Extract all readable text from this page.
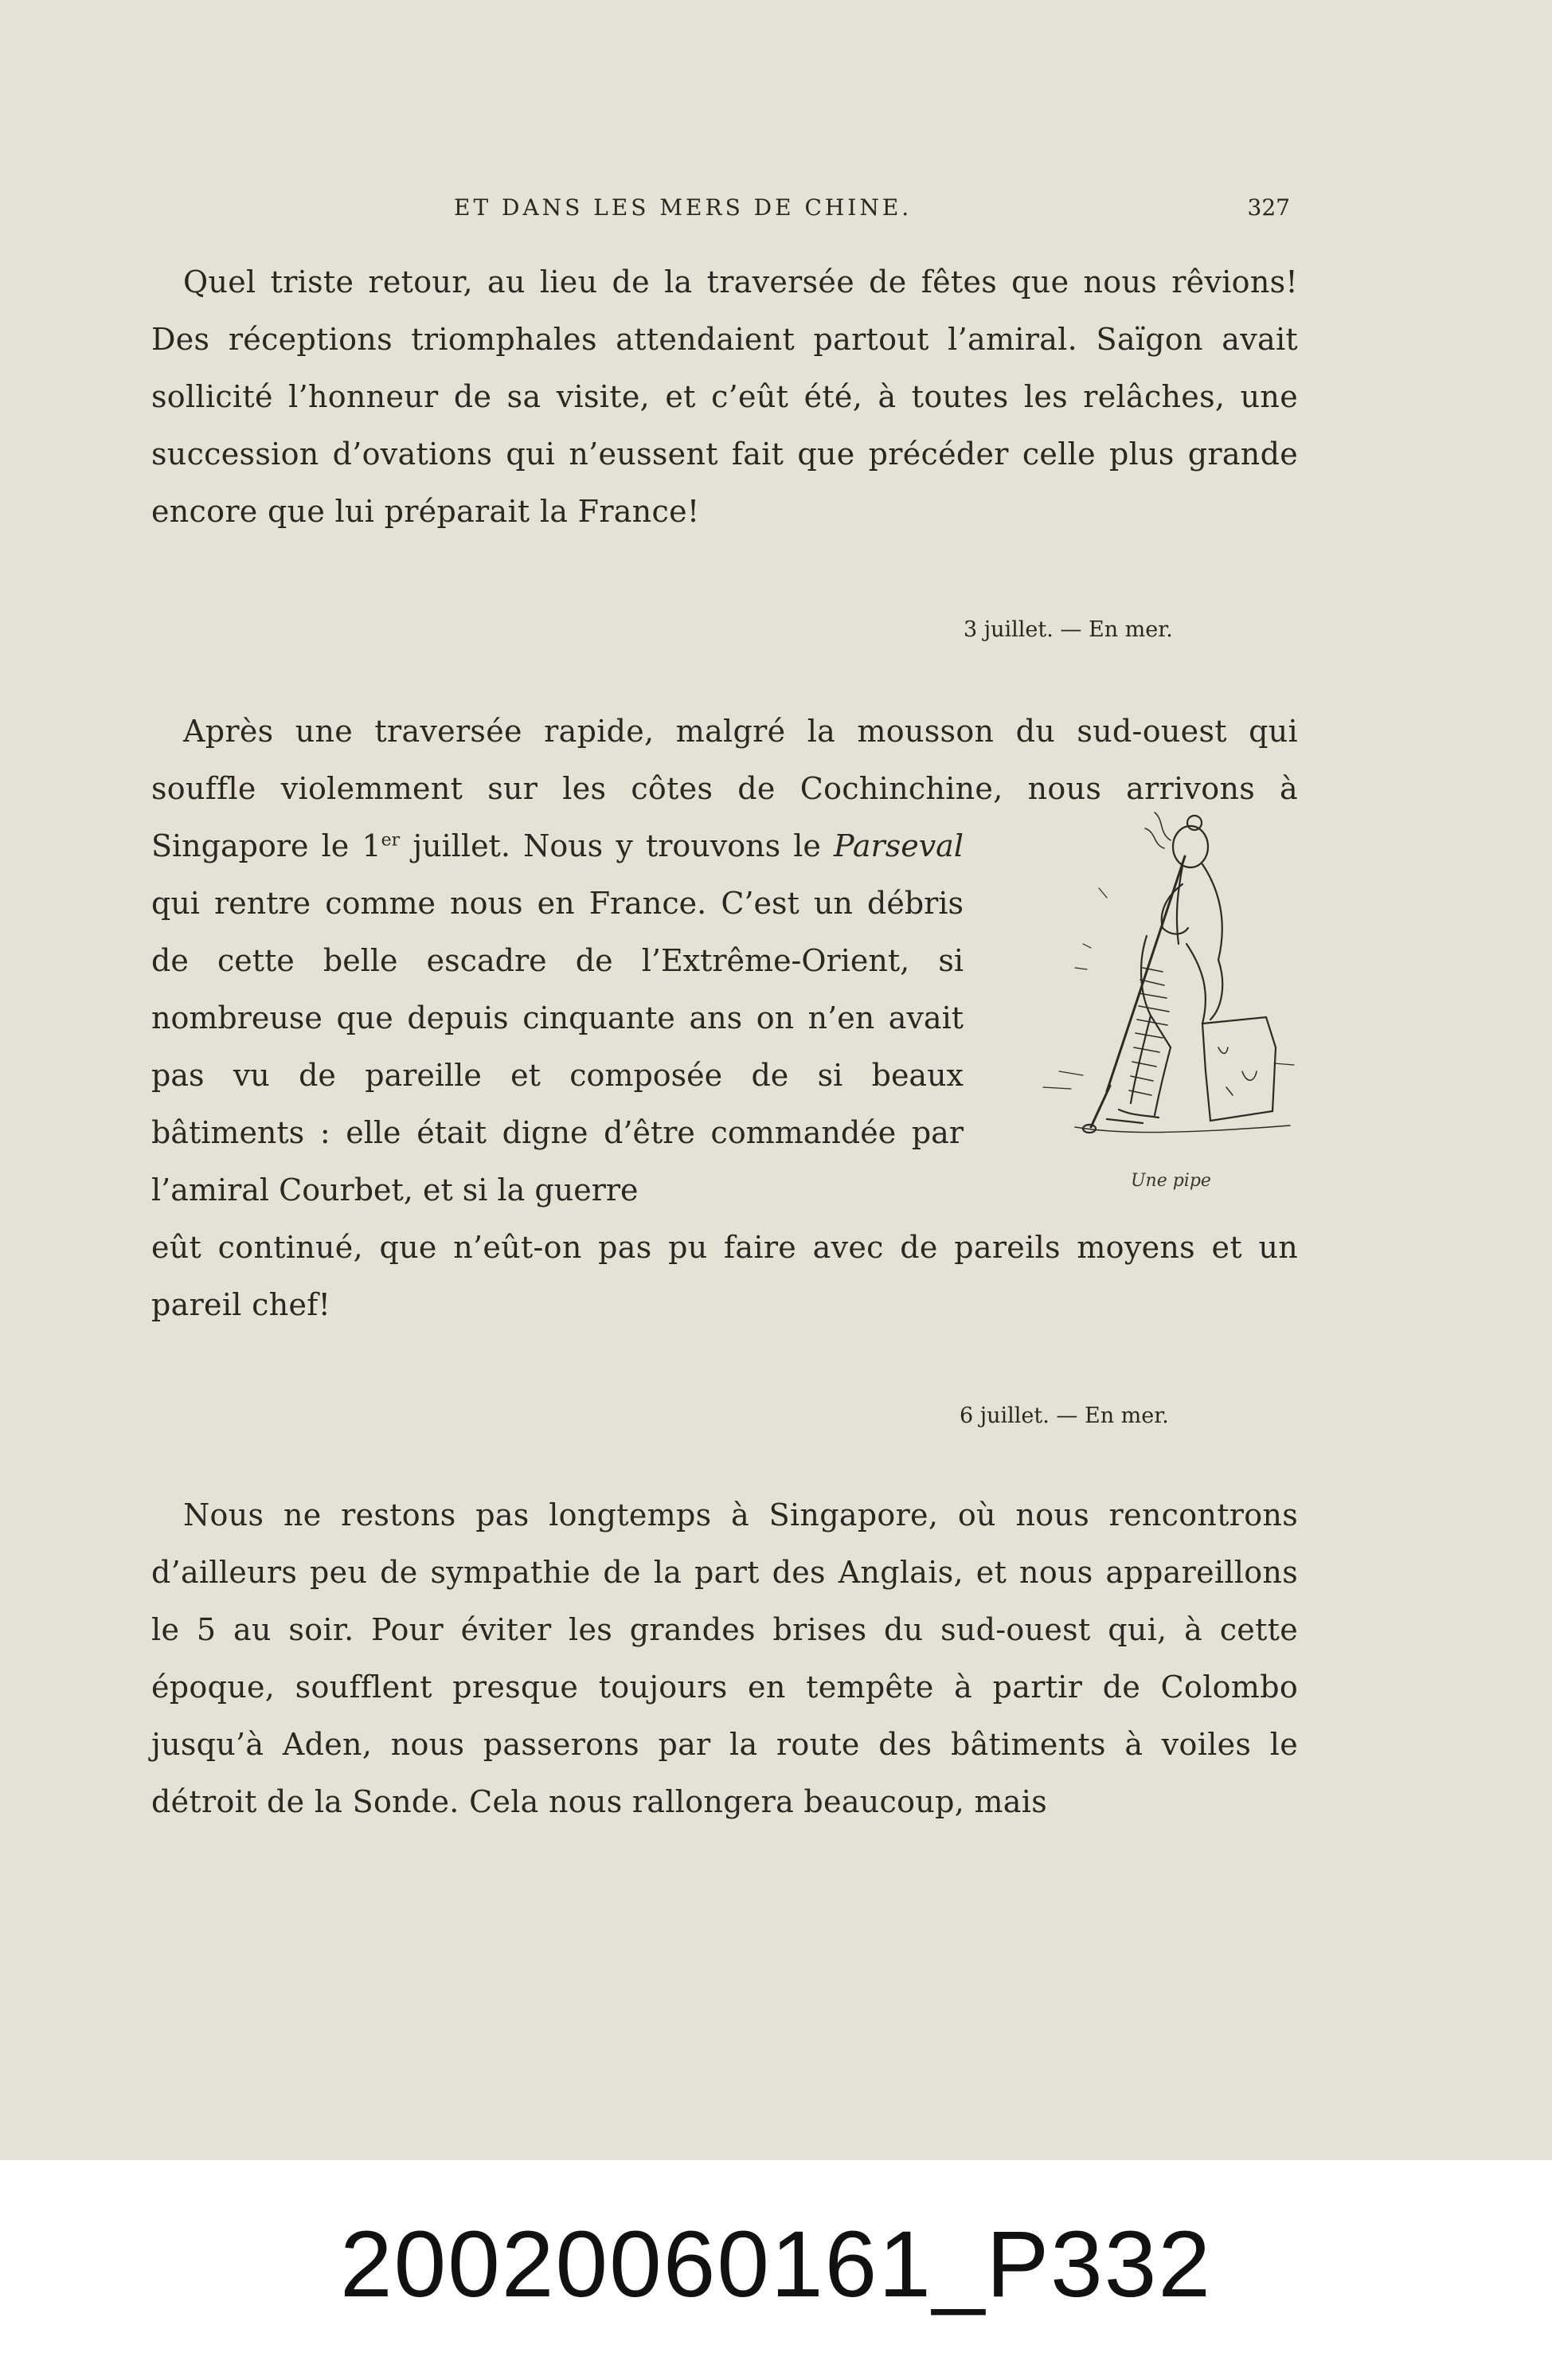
ET DANS LES MERS DE CHINE.	327

Quel triste retour, au lieu de la traversée de fêtes que nous rêvions! Des réceptions triomphales attendaient partout l’amiral. Saïgon avait sollicité l’honneur de sa visite, et c’eût été, à toutes les relâches, une succession d’ovations qui n’eussent fait que précéder celle plus grande encore que lui préparait la France!

3 juillet. — En mer.

Après une traversée rapide, malgré la mousson du sud-ouest qui

souffle violemment sur les côtes de Cochinchine, nous arrivons à

Singapore le 1er juillet. Nous y trouvons le Parseval qui rentre comme nous en France. C’est un débris de cette belle escadre de l’Extrême-Orient, si nombreuse que depuis cinquante ans on n’en avait pas vu de pareille et composée de si beaux bâtiments : elle était digne d’être commandée par l’amiral Courbet, et si la guerre	Une pipe

eût continué, que n’eût-on pas pu faire avec de pareils moyens et un pareil chef!

6 juillet. — En mer.

Nous ne restons pas longtemps à Singapore, où nous rencontrons d’ailleurs peu de sympathie de la part des Anglais, et nous appareillons le 5 au soir. Pour éviter les grandes brises du sud-ouest qui, à cette époque, soufflent presque toujours en tempête à partir de Colombo jusqu’à Aden, nous passerons par la route des bâtiments à voiles le détroit de la Sonde. Cela nous rallongera beaucoup, mais

20020060161_P332
